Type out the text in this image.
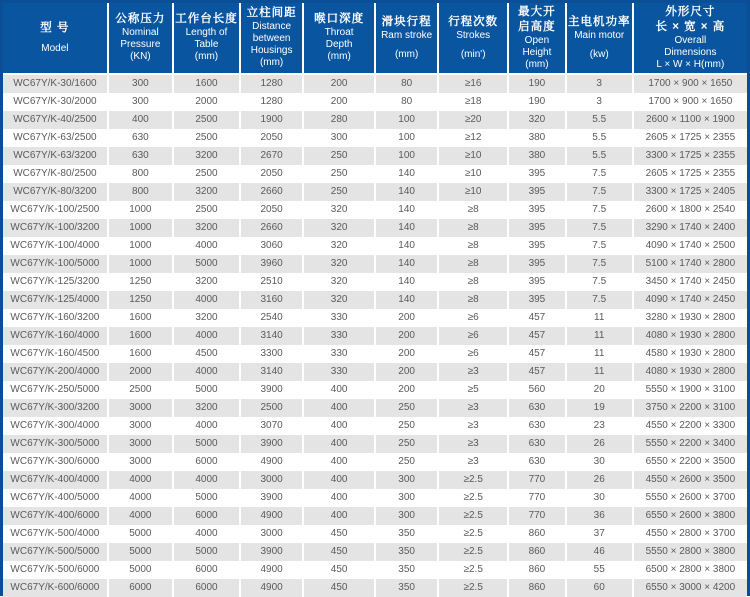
型 号
Model

公称压力
Nominal
Pressure
(KN)

工作台长度
Length of
Table
(mm)

立柱间距
Distance
between
Housings
(mm)

喉口深度
Throat
Depth
(mm)

滑块行程
Ram stroke
(mm)

行程次数
Strokes
(min')

最大开
启高度
Open
Height
(mm)

主电机功率
Main motor
(kw)

外形尺寸
长 × 宽 × 高
Overall
Dimensions
L × W × H(mm)

WC67Y/K-30/1600	300	1600	1280	200	80	≥16	190	3	1700 × 900 × 1650
WC67Y/K-30/2000	300	2000	1280	200	80	≥18	190	3	1700 × 900 × 1650
WC67Y/K-40/2500	400	2500	1900	280	100	≥20	320	5.5	2600 × 1100 × 1900
WC67Y/K-63/2500	630	2500	2050	300	100	≥12	380	5.5	2605 × 1725 × 2355
WC67Y/K-63/3200	630	3200	2670	250	100	≥10	380	5.5	3300 × 1725 × 2355
WC67Y/K-80/2500	800	2500	2050	250	140	≥10	395	7.5	2605 × 1725 × 2355
WC67Y/K-80/3200	800	3200	2660	250	140	≥10	395	7.5	3300 × 1725 × 2405
WC67Y/K-100/2500	1000	2500	2050	320	140	≥8	395	7.5	2600 × 1800 × 2540
WC67Y/K-100/3200	1000	3200	2660	320	140	≥8	395	7.5	3290 × 1740 × 2400
WC67Y/K-100/4000	1000	4000	3060	320	140	≥8	395	7.5	4090 × 1740 × 2500
WC67Y/K-100/5000	1000	5000	3960	320	140	≥8	395	7.5	5100 × 1740 × 2800
WC67Y/K-125/3200	1250	3200	2510	320	140	≥8	395	7.5	3450 × 1740 × 2450
WC67Y/K-125/4000	1250	4000	3160	320	140	≥8	395	7.5	4090 × 1740 × 2450
WC67Y/K-160/3200	1600	3200	2540	330	200	≥6	457	11	3280 × 1930 × 2800
WC67Y/K-160/4000	1600	4000	3140	330	200	≥6	457	11	4080 × 1930 × 2800
WC67Y/K-160/4500	1600	4500	3300	330	200	≥6	457	11	4580 × 1930 × 2800
WC67Y/K-200/4000	2000	4000	3140	330	200	≥3	457	11	4080 × 1930 × 2800
WC67Y/K-250/5000	2500	5000	3900	400	200	≥5	560	20	5550 × 1900 × 3100
WC67Y/K-300/3200	3000	3200	2500	400	250	≥3	630	19	3750 × 2200 × 3100
WC67Y/K-300/4000	3000	4000	3070	400	250	≥3	630	23	4550 × 2200 × 3300
WC67Y/K-300/5000	3000	5000	3900	400	250	≥3	630	26	5550 × 2200 × 3400
WC67Y/K-300/6000	3000	6000	4900	400	250	≥3	630	30	6550 × 2200 × 3500
WC67Y/K-400/4000	4000	4000	3000	400	300	≥2.5	770	26	4550 × 2600 × 3500
WC67Y/K-400/5000	4000	5000	3900	400	300	≥2.5	770	30	5550 × 2600 × 3700
WC67Y/K-400/6000	4000	6000	4900	400	300	≥2.5	770	36	6550 × 2600 × 3800
WC67Y/K-500/4000	5000	4000	3000	450	350	≥2.5	860	37	4550 × 2800 × 3700
WC67Y/K-500/5000	5000	5000	3900	450	350	≥2.5	860	46	5550 × 2800 × 3800
WC67Y/K-500/6000	5000	6000	4900	450	350	≥2.5	860	55	6500 × 2800 × 3800
WC67Y/K-600/6000	6000	6000	4900	450	350	≥2.5	860	60	6550 × 3000 × 4200
